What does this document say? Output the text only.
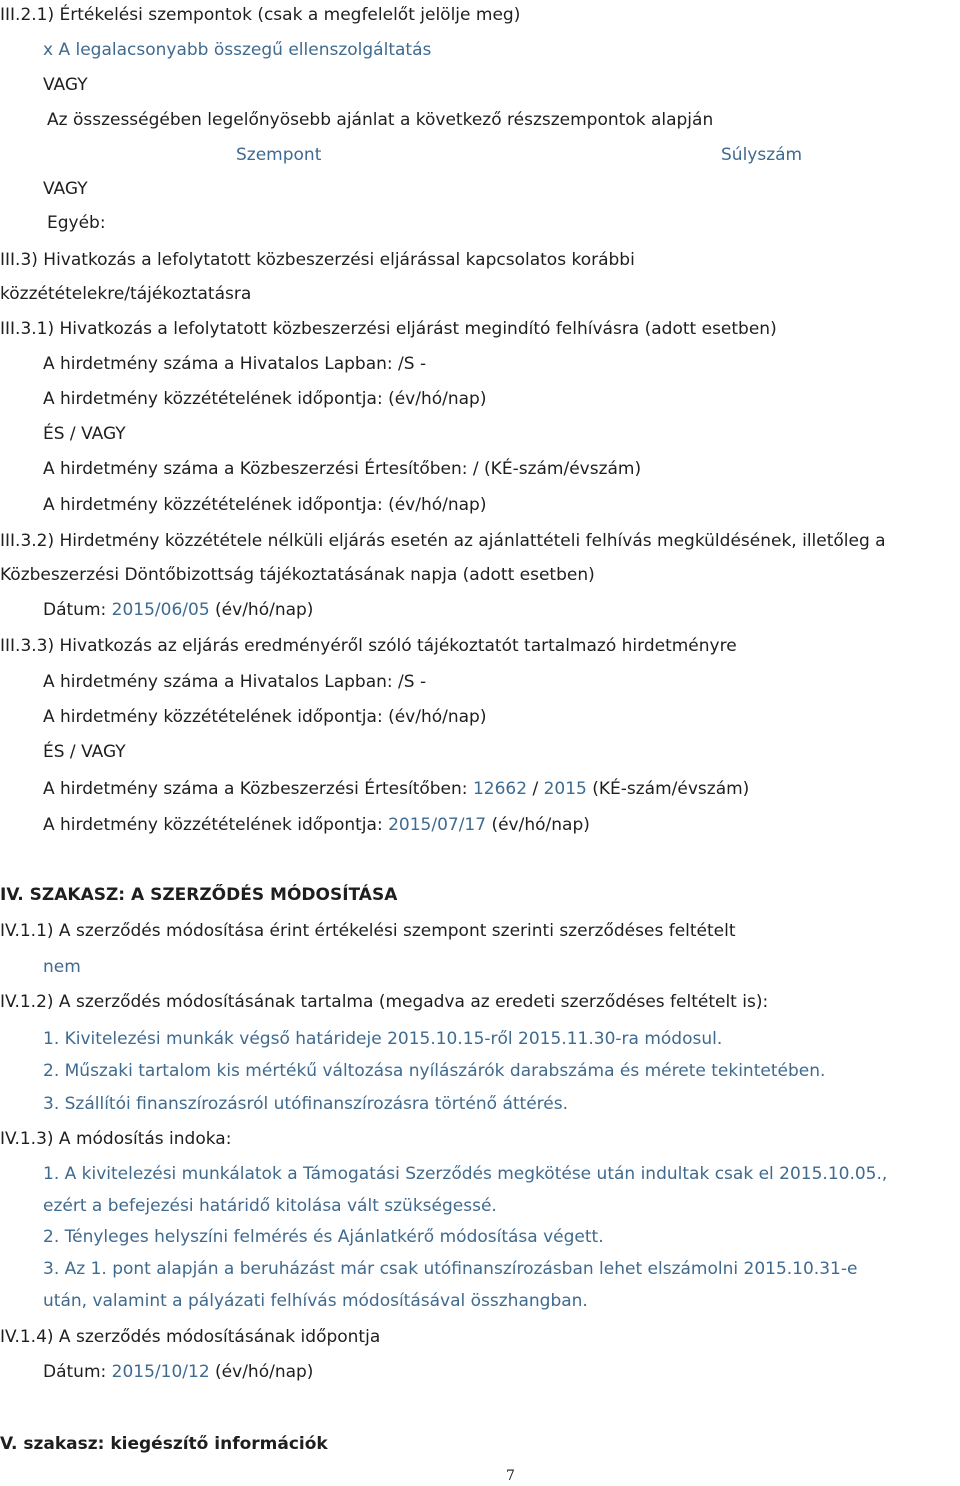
III.2.1) Értékelési szempontok (csak a megfelelőt jelölje meg)
x A legalacsonyabb összegű ellenszolgáltatás
VAGY
Az összességében legelőnyösebb ajánlat a következő részszempontok alapján
Szempont	Súlyszám
VAGY
Egyéb:
III.3) Hivatkozás a lefolytatott közbeszerzési eljárással kapcsolatos korábbi
közzétételekre/tájékoztatásra
III.3.1) Hivatkozás a lefolytatott közbeszerzési eljárást megindító felhívásra (adott esetben)
A hirdetmény száma a Hivatalos Lapban: /S -
A hirdetmény közzétételének időpontja: (év/hó/nap)
ÉS / VAGY
A hirdetmény száma a Közbeszerzési Értesítőben: / (KÉ-szám/évszám)
A hirdetmény közzétételének időpontja: (év/hó/nap)
III.3.2) Hirdetmény közzététele nélküli eljárás esetén az ajánlattételi felhívás megküldésének, illetőleg a
Közbeszerzési Döntőbizottság tájékoztatásának napja (adott esetben)
Dátum: 2015/06/05 (év/hó/nap)
III.3.3) Hivatkozás az eljárás eredményéről szóló tájékoztatót tartalmazó hirdetményre
A hirdetmény száma a Hivatalos Lapban: /S -
A hirdetmény közzétételének időpontja: (év/hó/nap)
ÉS / VAGY
A hirdetmény száma a Közbeszerzési Értesítőben: 12662 / 2015 (KÉ-szám/évszám)
A hirdetmény közzétételének időpontja: 2015/07/17 (év/hó/nap)
IV. SZAKASZ: A SZERZŐDÉS MÓDOSÍTÁSA
IV.1.1) A szerződés módosítása érint értékelési szempont szerinti szerződéses feltételt
nem
IV.1.2) A szerződés módosításának tartalma (megadva az eredeti szerződéses feltételt is):
1. Kivitelezési munkák végső határideje 2015.10.15-ről 2015.11.30-ra módosul.
2. Műszaki tartalom kis mértékű változása nyílászárók darabszáma és mérete tekintetében.
3. Szállítói finanszírozásról utófinanszírozásra történő áttérés.
IV.1.3) A módosítás indoka:
1. A kivitelezési munkálatok a Támogatási Szerződés megkötése után indultak csak el 2015.10.05.,
ezért a befejezési határidő kitolása vált szükségessé.
2. Tényleges helyszíni felmérés és Ajánlatkérő módosítása végett.
3. Az 1. pont alapján a beruházást már csak utófinanszírozásban lehet elszámolni 2015.10.31-e
után, valamint a pályázati felhívás módosításával összhangban.
IV.1.4) A szerződés módosításának időpontja
Dátum: 2015/10/12 (év/hó/nap)
V. szakasz: kiegészítő információk
7
